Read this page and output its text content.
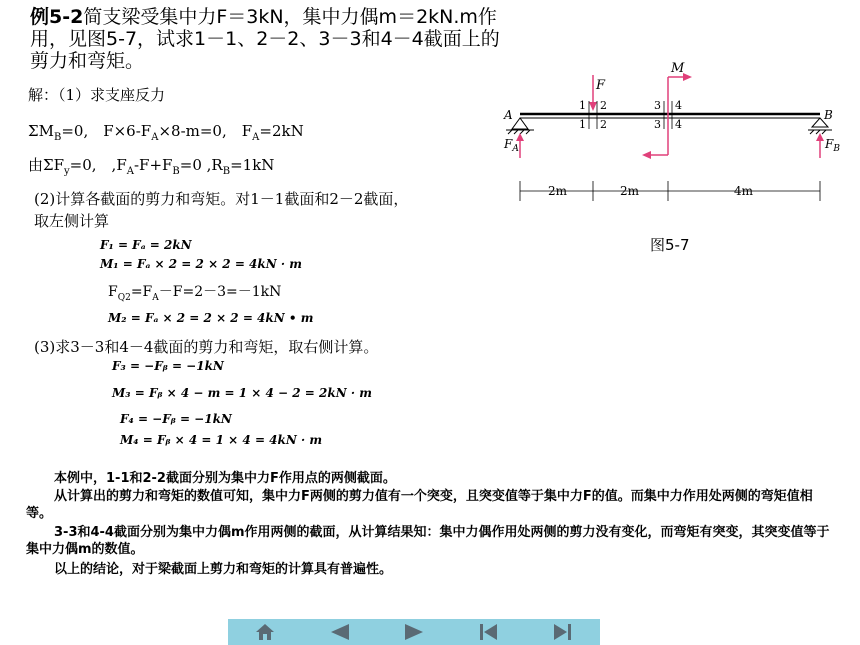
例5-2简支梁受集中力F＝3kN，集中力偶m＝2kN.m作用，见图5-7，试求1－1、2－2、3－3和4－4截面上的剪力和弯矩。
解：（1）求支座反力
$\Sigma M_B=0$,　$F\times 6-F_A\times 8-m=0$,　$F_A=2kN$
由$\Sigma F_y=0$,　$,F_A-F+F_B=0$ $,R_B=1kN$
(2)计算各截面的剪力和弯矩。对1－1截面和2－2截面，
取左侧计算
F₁ = Fₐ = 2kN
M₁ = Fₐ × 2 = 2 × 2 = 4kN · m
$F_{Q2}=F_A-F=2-3=-1kN$
M₂ = Fₐ × 2 = 2 × 2 = 4kN • m
(3)求3－3和4－4截面的剪力和弯矩，取右侧计算。
F₃ = −Fᵦ = −1kN
M₃ = Fᵦ × 4 − m = 1 × 4 − 2 = 2kN · m
F₄ = −Fᵦ = −1kN
M₄ = Fᵦ × 4 = 1 × 4 = 4kN · m
F
M
A	B
$F_A$	$F_B$
1 2	3 4
1 2	3 4
2m	2m	4m
图5-7
本例中，1-1和2-2截面分别为集中力F作用点的两侧截面。
从计算出的剪力和弯矩的数值可知，集中力F两侧的剪力值有一个突变，且突变值等于集中力F的值。而集中力作用处两侧的弯矩值相等。
3-3和4-4截面分别为集中力偶m作用两侧的截面，从计算结果知：集中力偶作用处两侧的剪力没有变化，而弯矩有突变，其突变值等于集中力偶m的数值。
以上的结论，对于梁截面上剪力和弯矩的计算具有普遍性。
